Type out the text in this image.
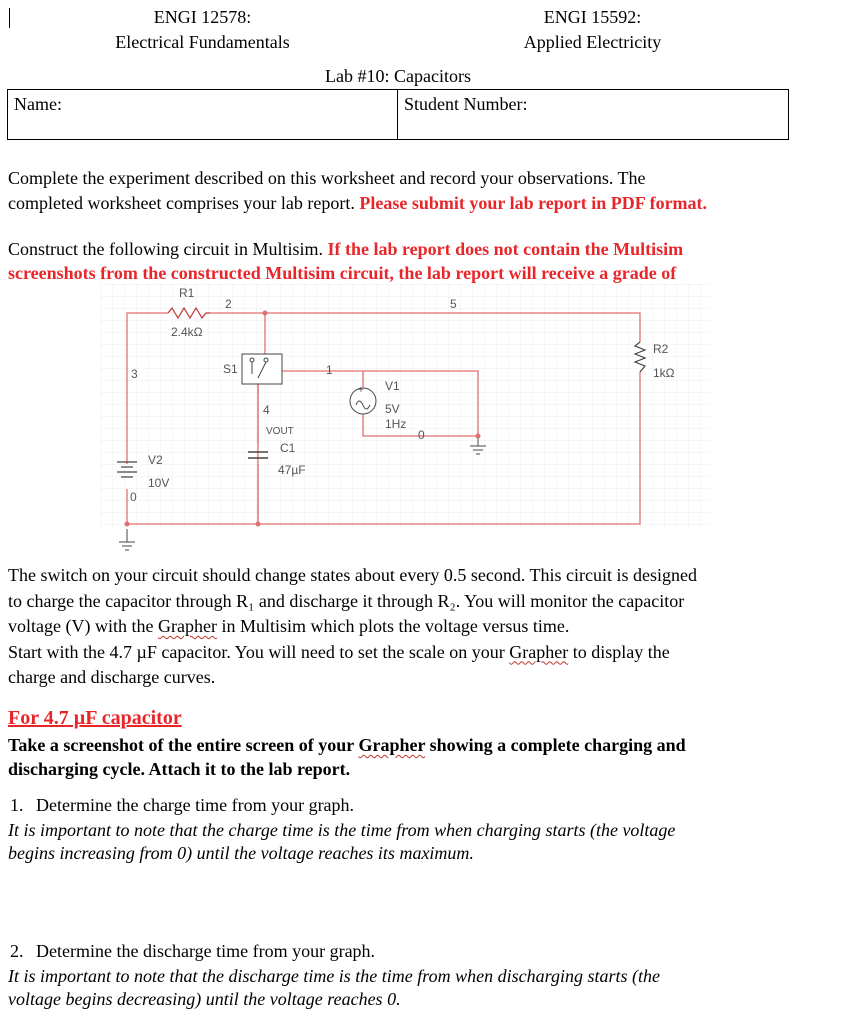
ENGI 12578:
Electrical Fundamentals
ENGI 15592:
Applied Electricity
Lab #10: Capacitors
Name:	Student Number:
Complete the experiment described on this worksheet and record your observations. The
completed worksheet comprises your lab report. Please submit your lab report in PDF format.
Construct the following circuit in Multisim. If the lab report does not contain the Multisim
screenshots from the constructed Multisim circuit, the lab report will receive a grade of
+
R1
2.4kΩ
2	5
R2
1kΩ
3	S1	1
V1
5V
1Hz
0
4
VOUT
C1
47µF
V2
10V
0
The switch on your circuit should change states about every 0.5 second. This circuit is designed
to charge the capacitor through R₁ and discharge it through R₂. You will monitor the capacitor
voltage (V) with the Grapher in Multisim which plots the voltage versus time.
Start with the 4.7 µF capacitor. You will need to set the scale on your Grapher to display the
charge and discharge curves.
For 4.7 µF capacitor
Take a screenshot of the entire screen of your Grapher showing a complete charging and
discharging cycle. Attach it to the lab report.
1. Determine the charge time from your graph.
It is important to note that the charge time is the time from when charging starts (the voltage
begins increasing from 0) until the voltage reaches its maximum.
2. Determine the discharge time from your graph.
It is important to note that the discharge time is the time from when discharging starts (the
voltage begins decreasing) until the voltage reaches 0.
